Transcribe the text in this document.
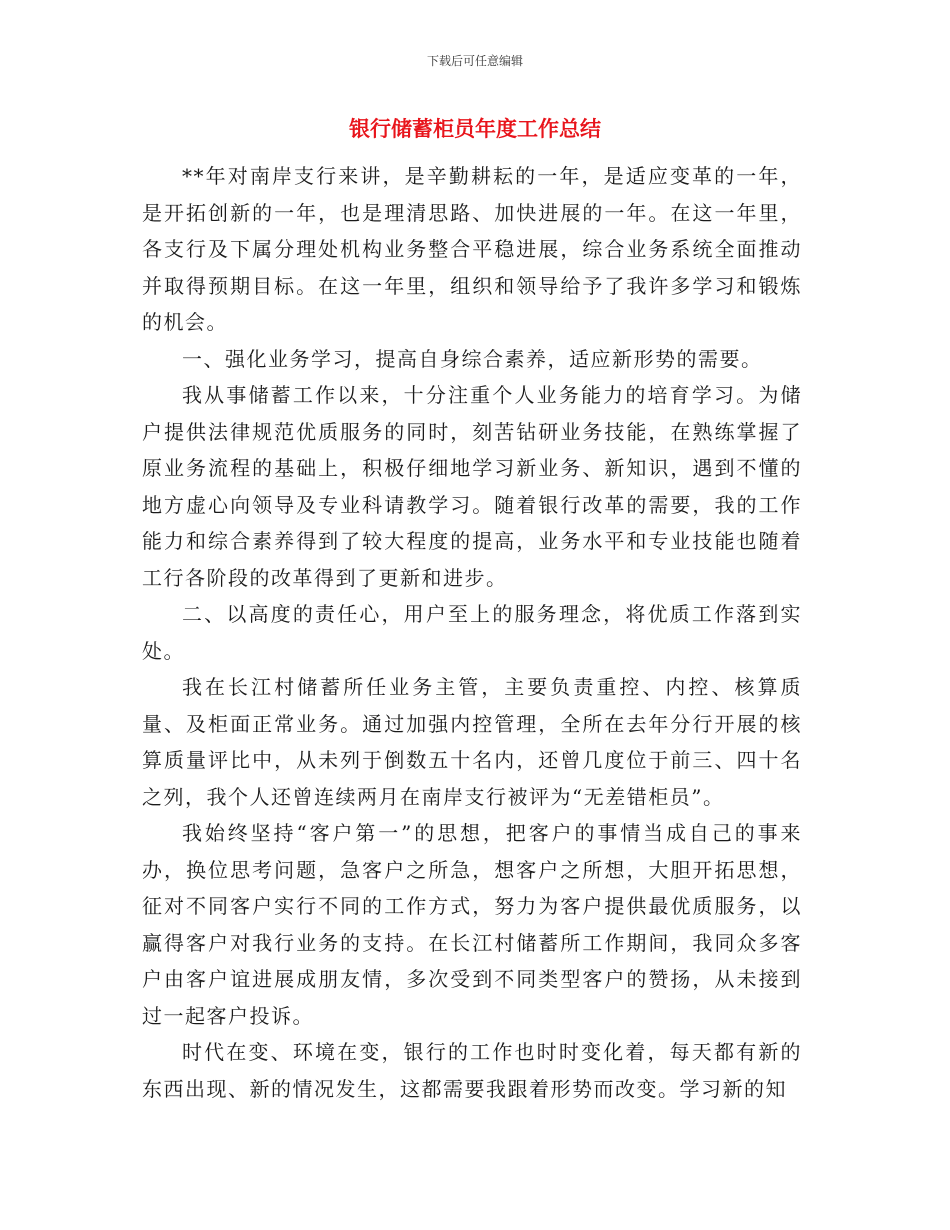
下载后可任意编辑
银行储蓄柜员年度工作总结

**年对南岸支行来讲，是辛勤耕耘的一年，是适应变革的一年，是开拓创新的一年，也是理清思路、加快进展的一年。在这一年里，各支行及下属分理处机构业务整合平稳进展，综合业务系统全面推动并取得预期目标。在这一年里，组织和领导给予了我许多学习和锻炼的机会。

一、强化业务学习，提高自身综合素养，适应新形势的需要。

我从事储蓄工作以来，十分注重个人业务能力的培育学习。为储户提供法律规范优质服务的同时，刻苦钻研业务技能，在熟练掌握了原业务流程的基础上，积极仔细地学习新业务、新知识，遇到不懂的地方虚心向领导及专业科请教学习。随着银行改革的需要，我的工作能力和综合素养得到了较大程度的提高，业务水平和专业技能也随着工行各阶段的改革得到了更新和进步。

二、以高度的责任心，用户至上的服务理念，将优质工作落到实处。

我在长江村储蓄所任业务主管，主要负责重控、内控、核算质量、及柜面正常业务。通过加强内控管理，全所在去年分行开展的核算质量评比中，从未列于倒数五十名内，还曾几度位于前三、四十名之列，我个人还曾连续两月在南岸支行被评为“无差错柜员”。

我始终坚持“客户第一”的思想，把客户的事情当成自己的事来办，换位思考问题，急客户之所急，想客户之所想，大胆开拓思想，征对不同客户实行不同的工作方式，努力为客户提供最优质服务，以赢得客户对我行业务的支持。在长江村储蓄所工作期间，我同众多客户由客户谊进展成朋友情，多次受到不同类型客户的赞扬，从未接到过一起客户投诉。

时代在变、环境在变，银行的工作也时时变化着，每天都有新的东西出现、新的情况发生，这都需要我跟着形势而改变。学习新的知
